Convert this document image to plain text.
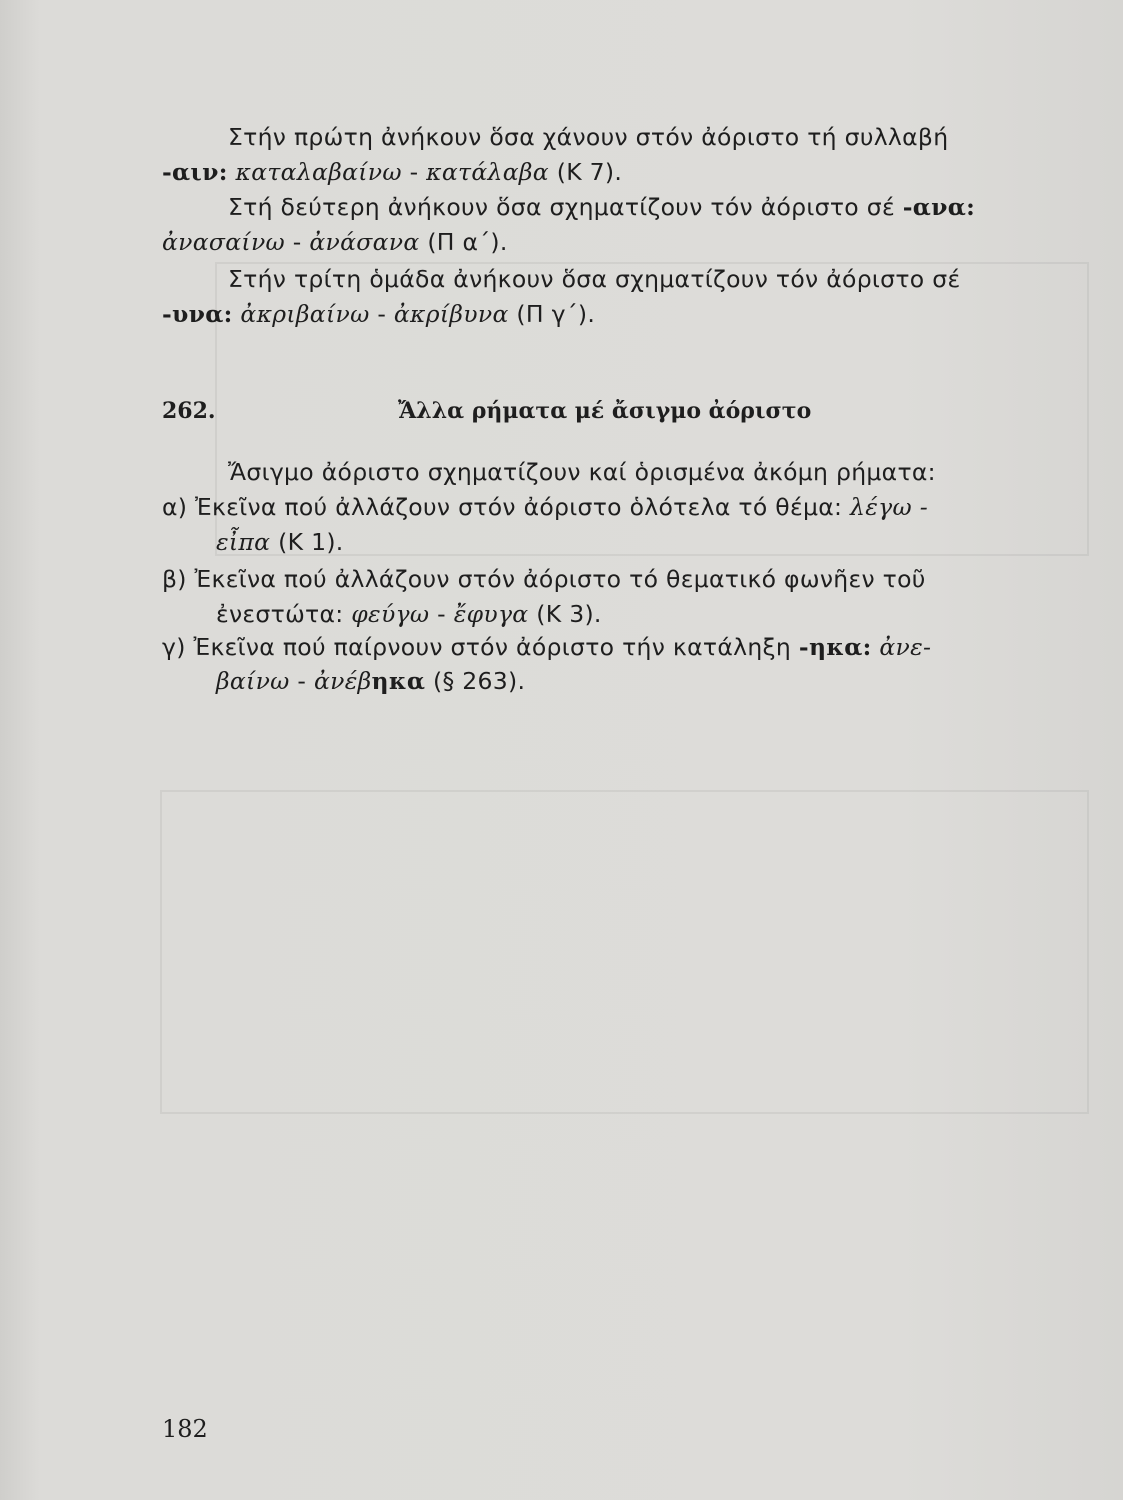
Στήν πρώτη ἀνήκουν ὅσα χάνουν στόν ἀόριστο τή συλλαβή
-αιν: καταλαβαίνω - κατάλαβα (Κ 7).
Στή δεύτερη ἀνήκουν ὅσα σχηματίζουν τόν ἀόριστο σέ -ανα:
ἀνασαίνω - ἀνάσανα (Π α΄).
Στήν τρίτη ὁμάδα ἀνήκουν ὅσα σχηματίζουν τόν ἀόριστο σέ
-υνα: ἀκριβαίνω - ἀκρίβυνα (Π γ΄).
262.	Ἄλλα ρήματα μέ ἄσιγμο ἀόριστο
Ἄσιγμο ἀόριστο σχηματίζουν καί ὁρισμένα ἀκόμη ρήματα:
α) Ἐκεῖνα πού ἀλλάζουν στόν ἀόριστο ὁλότελα τό θέμα: λέγω -
εἶπα (Κ 1).
β) Ἐκεῖνα πού ἀλλάζουν στόν ἀόριστο τό θεματικό φωνῆεν τοῦ
ἐνεστώτα: φεύγω - ἔφυγα (Κ 3).
γ) Ἐκεῖνα πού παίρνουν στόν ἀόριστο τήν κατάληξη -ηκα: ἀνε-
βαίνω - ἀνέβηκα (§ 263).
182
